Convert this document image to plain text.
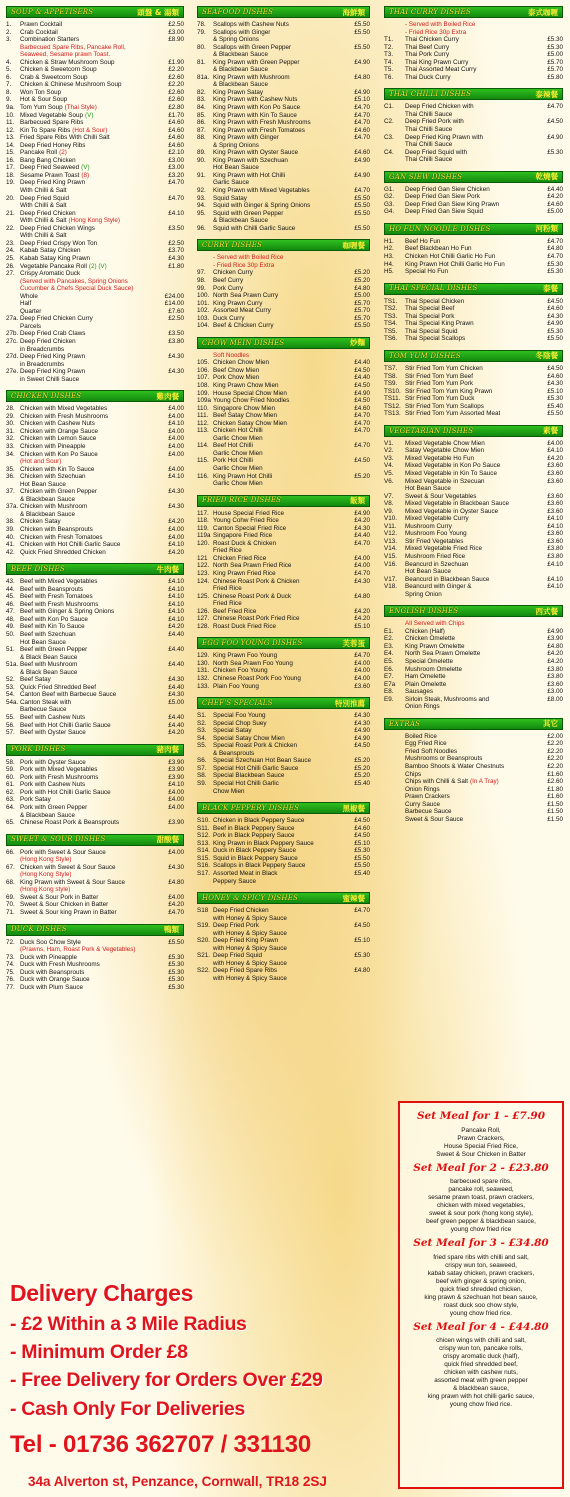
SOUP & APPETISERS	頭盤 & 湯類
1.	Prawn Cocktail	£2.50
2.	Crab Cocktail	£3.00
3.	Combination Starters	£8.90
Barbecued Spare Ribs, Pancake Roll,
Seaweed, Sesame prawn Toast.
4.	Chicken & Straw Mushroom Soup	£1.90
5.	Chicken & Sweetcorn Soup	£2.20
6.	Crab & Sweetcorn Soup	£2.60
7.	Chicken & Chinese Mushroom Soup	£2.20
8.	Won Ton Soup	£2.60
9.	Hot & Sour Soup	£2.60
9a. Tom Yum Soup (Thai Style)	£2.80
10. Mixed Vegetable Soup (V)	£1.70
11. Barbecued Spare Ribs	£4.60
12. Kin To Spare Ribs (Hot & Sour)	£4.60
13. Fried Spare Ribs With Chilli Salt	£4.60
14. Deep Fried Honey Ribs	£4.60
15. Pancake Roll (2)	£2.10
16. Bang Bang Chicken	£3.00
17. Deep Fried Seaweed (V)	£3.00
18. Sesame Prawn Toast (8)	£3.20
19. Deep Fried King Prawn	£4.70
With Chilli & Salt
20. Deep Fried Squid	£4.70
With Chilli & Salt
21. Deep Fried Chicken	£4.10
With Chilli & Salt (Hong Kong Style)
22. Deep Fried Chicken Wings	£3.50
With Chilli & Salt
23. Deep Fried Crispy Won Ton	£2.50
24. Kabab Satay Chicken	£3.70
25. Kabab Satay King Prawn	£4.30
26. Vegetable Pancake Roll (2) (V)	£1.80
27. Crispy Aromatic Duck
(Served with Pancakes, Spring Onions
Cucumber & Chefs Special Duck Sauce)
Whole	£24.00
Half	£14.00
Quarter	£7.60
27a. Deep Fried Chicken Curry	£2.50
Parcels
27b. Deep Fried Crab Claws	£3.50
27c. Deep Fried Chicken	£3.80
in Breadcrumbs
27d. Deep Fried King Prawn	£4.30
in Breadcrumbs
27e. Deep Fried King Prawn	£4.30
in Sweet Chilli Sauce
CHICKEN DISHES	雞肉餐
28. Chicken with Mixed Vegetables	£4.00
29. Chicken with Fresh Mushrooms	£4.00
30. Chicken with Cashew Nuts	£4.10
31. Chicken with Orange Sauce	£4.00
32. Chicken with Lemon Sauce	£4.00
33. Chicken with Pineapple	£4.00
34. Chicken with Kon Po Sauce	£4.00
(Hot and Sour)
35. Chicken with Kin To Sauce	£4.00
36. Chicken with Szechuan	£4.10
Hot Bean Sauce
37. Chicken with Green Pepper	£4.30
& Blackbean Sauce
37a. Chicken with Mushroom	£4.30
& Blackbean Sauce
38. Chicken Satay	£4.20
39. Chicken with Beansprouts	£4.00
40. Chicken with Fresh Tomatoes	£4.00
41. Chicken with Hot Chilli Garlic Sauce	£4.10
42. Quick Fried Shredded Chicken	£4.20
BEEF DISHES	牛肉餐
43. Beef with Mixed Vegetables	£4.10
44. Beef with Beansprouts	£4.10
45. Beef with Fresh Tomatoes	£4.10
46. Beef with Fresh Mushrooms	£4.10
47. Beef with Ginger & Spring Onions	£4.10
48. Beef with Kon Po Sauce	£4.10
49. Beef with Kin To Sauce	£4.20
50. Beef with Szechuan	£4.40
Hot Bean Sauce
51. Beef with Green Pepper	£4.40
& Black Bean Sauce
51a. Beef with Mushroom	£4.40
& Black Bean Sauce
52. Beef Satay	£4.30
53. Quick Fried Shredded Beef	£4.40
54. Canton Beef with Barbecue Sauce	£4.30
54a. Canton Steak with	£5.00
Barbecue Sauce
55. Beef with Cashew Nuts	£4.40
56. Beef with Hot Chilli Garlic Sauce	£4.40
57. Beef with Oyster Sauce	£4.20
PORK DISHES	豬肉餐
58. Pork with Oyster Sauce	£3.90
59. Pork with Mixed Vegetables	£3.90
60. Pork with Fresh Mushrooms	£3.90
61. Pork with Cashew Nuts	£4.10
62. Pork with Hot Chilli Garlic Sauce	£4.00
63. Pork Satay	£4.00
64. Pork with Green Pepper	£4.00
& Blackbean Sauce
65. Chinese Roast Pork & Beansprouts	£3.90
SWEET & SOUR DISHES	甜酸餐
66. Pork with Sweet & Sour Sauce	£4.00
(Hong Kong Style)
67. Chicken with Sweet & Sour Sauce	£4.30
(Hong Kong Style)
68. King Prawn with Sweet & Sour Sauce	£4.80
(Hong Kong style)
69. Sweet & Sour Pork in Batter	£4.00
70. Sweet & Sour Chicken in Batter	£4.20
71. Sweet & Sour king Prawn in Batter	£4.70
DUCK DISHES	鴨類
72. Duck Soo Chow Style	£5.50
(Prawns, Ham, Roast Pork & Vegetables)
73. Duck with Pineapple	£5.30
74. Duck with Fresh Mushrooms	£5.30
75. Duck with Beansprouts	£5.30
76. Duck with Orange Sauce	£5.30
77. Duck with Plum Sauce	£5.30
SEAFOOD DISHES	海鮮類
78.	Scallops with Cashew Nuts	£5.50
79.	Scallops with Ginger	£5.50
& Spring Onions
80.	Scallops with Green Pepper	£5.50
& Blackbean Sauce
81.	King Prawn with Green Pepper	£4.90
& Blackbean Sauce
81a. King Prawn with Mushroom	£4.80
& Blackbean Sauce
82.	King Prawn Satay	£4.90
83.	King Prawn with Cashew Nuts	£5.10
84.	King Prawn with Kon Po Sauce	£4.70
85.	King Prawn with Kin To Sauce	£4.70
86.	King Prawn with Fresh Mushrooms	£4.70
87.	King Prawn with Fresh Tomatoes	£4.60
88.	King Prawn with Ginger	£4.70
& Spring Onions
89.	King Prawn with Oyster Sauce	£4.60
90.	King Prawn with Szechuan	£4.90
Hot Bean Sauce
91.	King Prawn with Hot Chilli	£4.90
Garlic Sauce
92.	King Prawn with Mixed Vegetables	£4.70
93.	Squid Satay	£5.50
94.	Squid with Ginger & Spring Onions	£5.50
95.	Squid with Green Pepper	£5.50
& Blackbean Sauce
96.	Squid with Chilli Garlic Sauce	£5.50
CURRY DISHES	咖喱餐
- Served with Boiled Rice
- Fried Rice 30p Extra
97.	Chicken Curry	£5.20
98.	Beef Curry	£5.20
99.	Pork Curry	£4.80
100. North Sea Prawn Curry	£5.00
101. King Prawn Curry	£5.70
102. Assorted Meat Curry	£5.70
103. Duck Curry	£5.70
104. Beef & Chicken Curry	£5.50
CHOW MEIN DISHES	炒麵
Soft Noodles
105. Chicken Chow Mien	£4.40
106. Beef Chow Mien	£4.50
107. Pork Chow Mien	£4.40
108. King Prawn Chow Mien	£4.50
109. House Special Chow Mien	£4.90
109a Young Chow Fried Noodles	£4.50
110. Singapore Chow Mien	£4.60
111. Beef Satay Chow Mien	£4.70
112. Chicken Satay Chow Mien	£4.70
113. Chicken Hot Chilli	£4.70
Garlic Chow Mien
114. Beef Hot Chilli	£4.70
Garlic Chow Mien
115. Pork Hot Chilli	£4.50
Garlic Chow Mien
116. King Prawn Hot Chilli	£5.20
Garlic Chow Mien
FRIED RICE DISHES	飯類
117. House Special Fried Rice	£4.90
118. Young Cohw Fried Rice	£4.20
119. Canton Special Fried Rice	£4.30
119a Singapore Fried Rice	£4.40
120. Roast Duck & Chicken	£4.70
Fried Rice
121 Chicken Fried Rice	£4.00
122. North Sea Prawn Fried Rice	£4.00
123. King Prawn Fried Rice	£4.70
124. Chinese Roast Pork & Chicken	£4.30
Fried Rice
125. Chinese Roast Pork & Duck	£4.80
Fried Rice
126. Beef Fried Rice	£4.20
127. Chinese Roast Pork Fried Rice	£4.20
128. Roast Duck Fried Rice	£5.10
EGG FOO YOUNG DISHES	芙蓉蛋
129. King Prawn Foo Young	£4.70
130. North Sea Prawn Foo Young	£4.00
131. Chicken Foo Young	£4.00
132. Chinese Roast Pork Foo Young	£4.00
133. Plain Foo Young	£3.60
CHEF'S SPECIALS	特別推薦
S1.	Special Foo Young	£4.30
S2.	Special Chop Suey	£4.30
S3.	Special Satay	£4.90
S4.	Special Satay Chow Mien	£4.90
S5.	Special Roast Pork & Chicken	£4.50
& Beansprouts
S6.	Special Szechuan Hot Bean Sauce	£5.20
S7.	Special Hot Chilli Garlic Sauce	£5.20
S8.	Special Blackbean Sauce	£5.20
S9.	Special Hot Chilli Garlic	£5.40
Chow Mien
BLACK PEPPERY DISHES	黑椒餐
S10. Chicken in Black Peppery Sauce	£4.50
S11. Beef in Black Peppery Sauce	£4.60
S12. Pork in Black Peppery Sauce	£4.50
S13. King Prawn in Black Peppery Sauce	£5.10
S14. Duck in Black Peppery Sauce	£5.30
S15. Squid in Black Peppery Sauce	£5.50
S16. Scallops in Black Peppery Sauce	£5.50
S17. Assorted Meat in Black	£5.40
Peppery Sauce
HONEY & SPICY DISHES	蜜辣餐
S18 Deep Fried Chicken	£4.70
with Honey & Spicy Sauce
S19. Deep Fried Pork	£4.50
with Honey & Spicy Sauce
S20. Deep Fried King Prawn	£5.10
with Honey & Spicy Sauce
S21. Deep Fried Squid	£5.30
with Honey & Spicy Sauce
S22. Deep Fried Spare Ribs	£4.80
with Honey & Spicy Sauce
THAI CURRY DISHES	泰式咖喱
- Served with Boiled Rice
- Fried Rice 30p Extra
T1.	Thai Chicken Curry	£5.30
T2.	Thai Beef Curry	£5.30
T3.	Thai Pork Curry	£5.00
T4.	Thai King Prawn Curry	£5.70
T5.	Thai Assorted Meat Curry	£5.70
T6.	Thai Duck Curry	£5.80
THAI CHILLI DISHES	泰辣餐
C1.	Deep Fried Chicken with	£4.70
Thai Chilli Sauce
C2.	Deep Fried Pork with	£4.50
Thai Chilli Sauce
C3.	Deep Fried King Prawn with	£4.90
Thai Chilli Sauce
C4.	Deep Fried Squid with	£5.30
Thai Chilli Sauce
GAN SIEW DISHES	乾燒餐
G1.	Deep Fried Gan Siew Chicken	£4.40
G2.	Deep Fried Gan Siew Pork	£4.20
G3.	Deep Fried Gan Siew King Prawn	£4.60
G4.	Deep Fried Gan Siew Squid	£5.00
HO FUN NOODLE DISHES	河粉類
H1.	Beef Ho Fun	£4.70
H2.	Beef Blackbean Ho Fun	£4.80
H3.	Chicken Hot Chilli Garlic Ho Fun	£4.70
H4.	King Prawn Hot Chilli Garlic Ho Fun	£5.30
H5.	Special Ho Fun	£5.30
THAI SPECIAL DISHES	泰餐
TS1.	Thai Special Chicken	£4.50
TS2.	Thai Special Beef	£4.60
TS3.	Thai Special Pork	£4.30
TS4.	Thai Special King Prawn	£4.90
TS5.	Thai Special Squid	£5.30
TS6.	Thai Special Scallops	£5.50
TOM YUM DISHES	冬陰餐
TS7.	Stir Fried Tom Yum Chicken	£4.50
TS8.	Stir Fried Tom Yum Beef	£4.60
TS9.	Stir Fried Tom Yum Pork	£4.30
TS10. Stir Fried Tom Yum King Prawn	£5.10
TS11. Stir Fried Tom Yum Duck	£5.30
TS12. Stir Fried Tom Yum Scallops	£5.40
TS13. Stir Fried Tom Yum Assorted Meat	£5.50
VEGETARIAN DISHES	素餐
V1.	Mixed Vegetable Chow Mien	£4.00
V2.	Satay Vegetable Chow Mien	£4.10
V3.	Mixed Vegetable Ho Fun	£4.20
V4.	Mixed Vegetable in Kon Po Sauce	£3.60
V5.	Mixed Vegetable in Kin To Sauce	£3.60
V6.	Mixed Vegetable in Szecuan	£3.60
Hot Bean Sauce
V7.	Sweet & Sour Vegetables	£3.60
V8.	Mixed Vegetable in Blackbean Sauce	£3.60
V9.	Mixed Vegetable in Oyster Sauce	£3.60
V10.	Mixed Vegetable Curry	£4.10
V11.	Mushroom Curry	£4.10
V12.	Mushroom Foo Young	£3.60
V13.	Stir Fried Vegetables	£3.60
V14.	Mixed Vegetable Fried Rice	£3.80
V15.	Mushroom Fried Rice	£3.80
V16.	Beancurd in Szechuan	£4.10
Hot Bean Sauce
V17.	Beancurd in Blackbean Sauce	£4.10
V18.	Beancurd with Ginger &	£4.10
Spring Onion
ENGLISH DISHES	西式餐
All Served with Chips
E1.	Chicken (Half)	£4.90
E2.	Chicken Omelette	£3.90
E3.	King Prawn Omelette	£4.80
E4.	North Sea Prawn Omelette	£4.20
E5.	Special Omelette	£4.20
E6.	Mushroom Omelette	£3.80
E7.	Ham Omelette	£3.80
E7a	Plain Omelette	£3.60
E8.	Sausages	£3.00
E9.	Sirloin Steak, Mushrooms and	£8.00
Onion Rings
EXTRAS	其它
Boiled Rice	£2.00
Egg Fried Rice	£2.20
Fried Soft Noodles	£2.20
Mushrooms or Beansprouts	£2.20
Bamboo Shoots & Water Chestnuts	£2.20
Chips	£1.60
Chips with Chilli & Salt (In A Tray)	£2.60
Onion Rings	£1.80
Prawn Crackers	£1.60
Curry Sauce	£1.50
Barbecue Sauce	£1.50
Sweet & Sour Sauce	£1.50
Delivery Charges
- £2 Within a 3 Mile Radius
- Minimum Order £8
- Free Delivery for Orders Over £29
- Cash Only For Deliveries
Tel - 01736 362707 / 331130
34a Alverton st, Penzance, Cornwall, TR18 2SJ
Set Meal for 1 - £7.90
Pancake Roll,
Prawn Crackers,
House Special Fried Rice,
Sweet & Sour Chicken in Batter
Set Meal for 2 - £23.80
barbecued spare ribs,
pancake roll, seaweed,
sesame prawn toast, prawn crackers,
chicken with mixed vegetables,
sweet & sour pork (hong kong style),
beef green pepper & blackbean sauce,
young chow fried rice
Set Meal for 3 - £34.80
fried spare ribs with chilli and salt,
crispy wun ton, seaweed,
kabab satay chicken, prawn crackers,
beef wirh ginger & spring onion,
quick fried shredded chicken,
king prawn & szechuan hot bean sauce,
roast duck soo chow style,
young chow fried rice.
Set Meal for 4 - £44.80
chicen wings with chilli and salt,
crispy wun ton, pancake rolls,
crispy aromatic duck (half),
quick fried shredded beef,
chicken with cashew nuts,
assorted meat with green pepper
& blackbean sauce,
king prawn with hot chilli garlic sauce,
young chow fried rice.
